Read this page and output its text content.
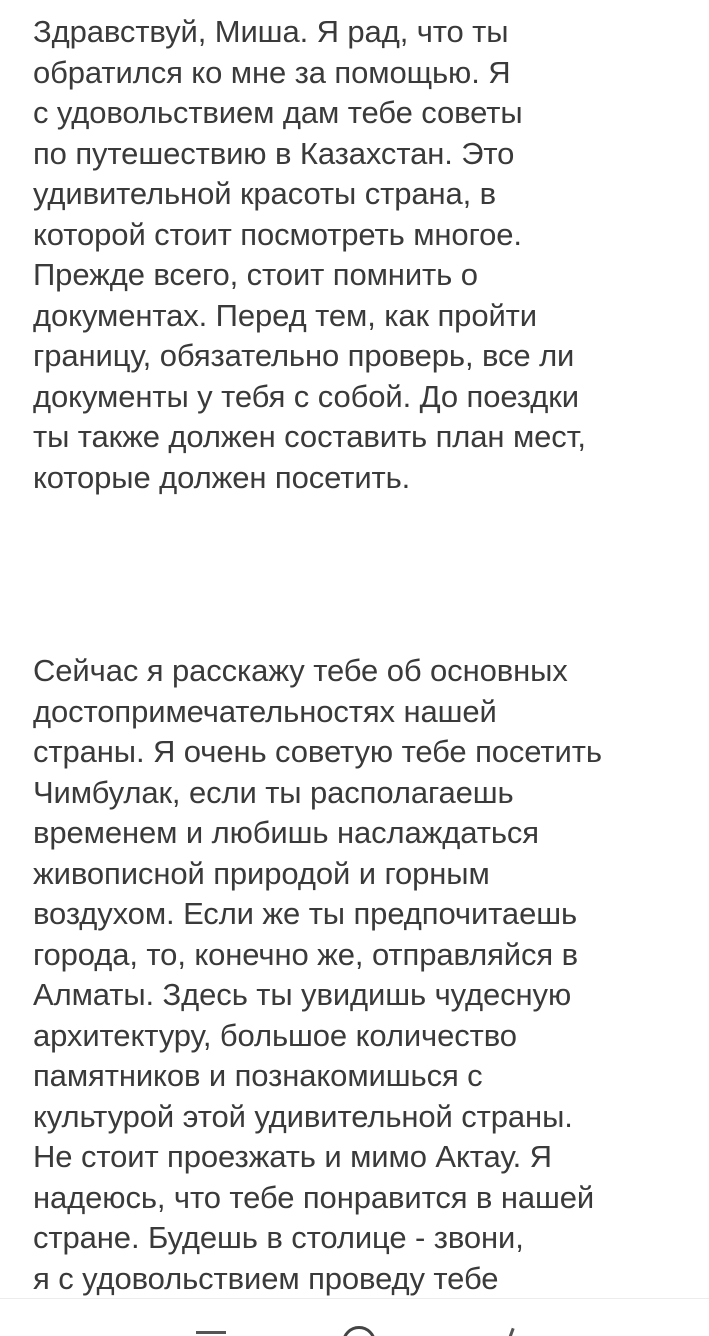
Здравствуй, Миша. Я рад, что ты
обратился ко мне за помощью. Я
с удовольствием дам тебе советы
по путешествию в Казахстан. Это
удивительной красоты страна, в
которой стоит посмотреть многое.
Прежде всего, стоит помнить о
документах. Перед тем, как пройти
границу, обязательно проверь, все ли
документы у тебя с собой. До поездки
ты также должен составить план мест,
которые должен посетить.
Сейчас я расскажу тебе об основных
достопримечательностях нашей
страны. Я очень советую тебе посетить
Чимбулак, если ты располагаешь
временем и любишь наслаждаться
живописной природой и горным
воздухом. Если же ты предпочитаешь
города, то, конечно же, отправляйся в
Алматы. Здесь ты увидишь чудесную
архитектуру, большое количество
памятников и познакомишься с
культурой этой удивительной страны.
Не стоит проезжать и мимо Актау. Я
надеюсь, что тебе понравится в нашей
стране. Будешь в столице - звони,
я с удовольствием проведу тебе
